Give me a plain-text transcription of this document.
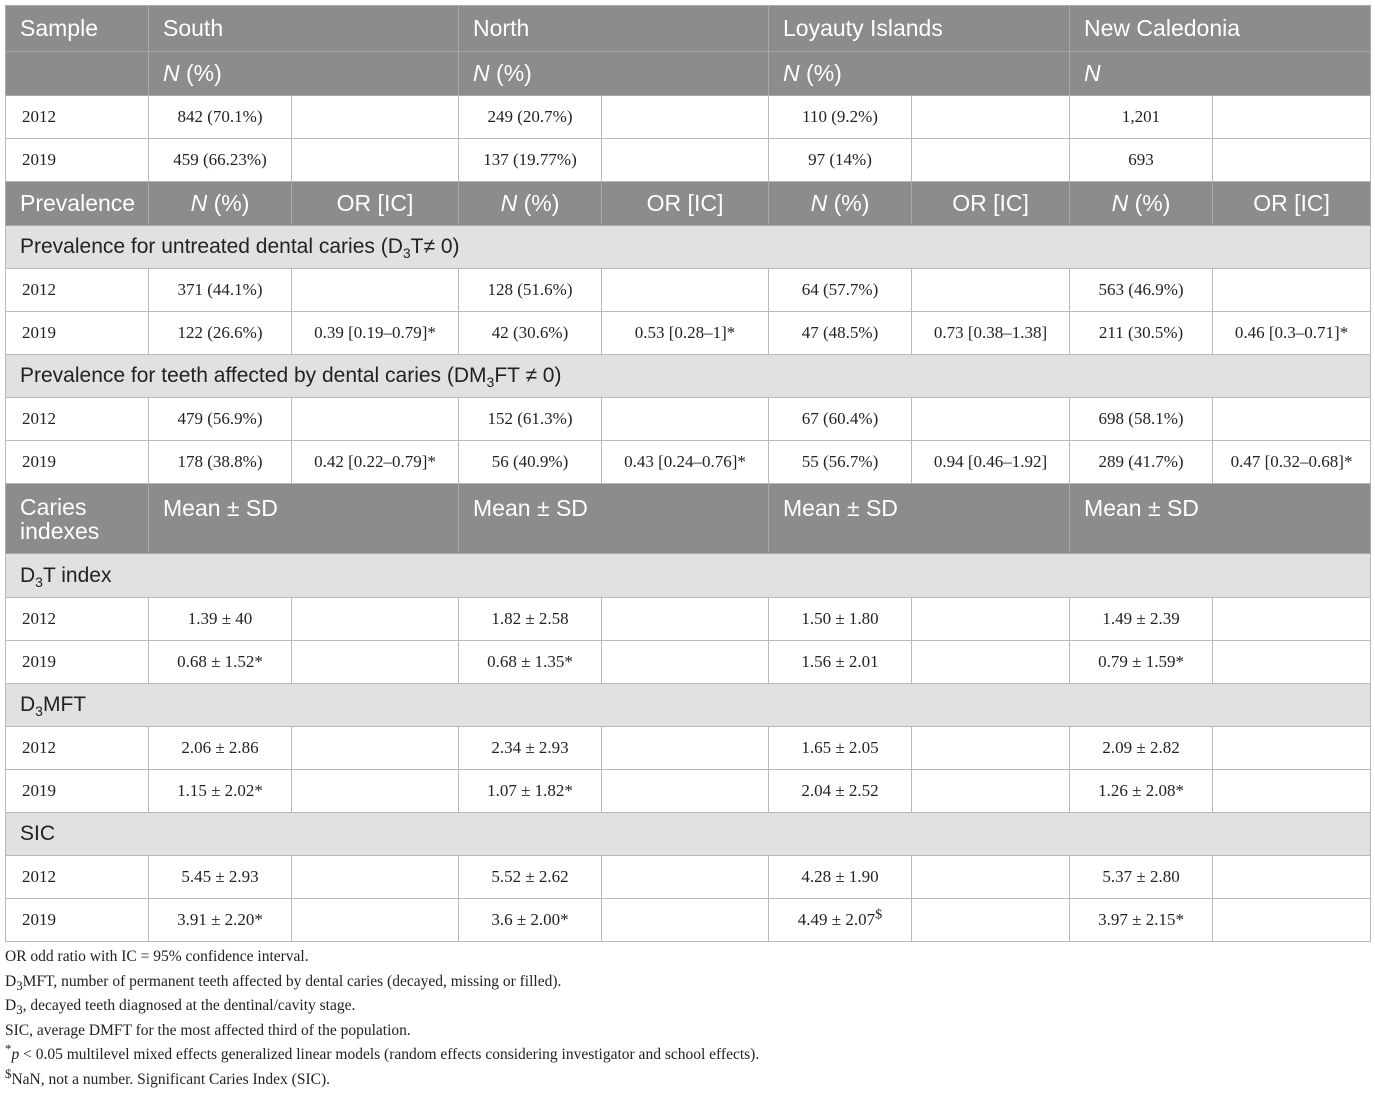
Sample	South		North		Loyauty Islands		New Caledonia	
	N (%)		N (%)		N (%)		N	
2012	842 (70.1%)		249 (20.7%)		110 (9.2%)		1,201	
2019	459 (66.23%)		137 (19.77%)		97 (14%)		693	
Prevalence	N (%)	OR [IC]	N (%)	OR [IC]	N (%)	OR [IC]	N (%)	OR [IC]
Prevalence for untreated dental caries $(D_3T\ne 0)$								
2012	371 (44.1%)		128 (51.6%)		64 (57.7%)		563 (46.9%)	
2019	122 (26.6%)	0.39 [0.19–0.79]*	42 (30.6%)	0.53 [0.28–1]*	47 (48.5%)	0.73 [0.38–1.38]	211 (30.5%)	0.46 [0.3–0.71]*
Prevalence for teeth affected by dental caries $(DM_3FT \ne 0)$								
2012	479 (56.9%)		152 (61.3%)		67 (60.4%)		698 (58.1%)	
2019	178 (38.8%)	0.42 [0.22–0.79]*	56 (40.9%)	0.43 [0.24–0.76]*	55 (56.7%)	0.94 [0.46–1.92]	289 (41.7%)	0.47 [0.32–0.68]*

Caries
indexes	Mean ± SD		Mean ± SD		Mean ± SD		Mean ± SD	
$D_3T$ index								
2012	1.39 ± 40		1.82 ± 2.58		1.50 ± 1.80		1.49 ± 2.39	
2019	0.68 ± 1.52*		0.68 ± 1.35*		1.56 ± 2.01		0.79 ± 1.59*	
$D_3MFT$								
2012	2.06 ± 2.86		2.34 ± 2.93		1.65 ± 2.05		2.09 ± 2.82	
2019	1.15 ± 2.02*		1.07 ± 1.82*		2.04 ± 2.52		1.26 ± 2.08*	
SIC								
2012	5.45 ± 2.93		5.52 ± 2.62		4.28 ± 1.90		5.37 ± 2.80	
2019	3.91 ± 2.20*		3.6 ± 2.00*		4.49 ± 2.07$		3.97 ± 2.15*	
OR odd ratio with IC = 95% confidence interval.
$D_3MFT$, number of permanent teeth affected by dental caries (decayed, missing or filled).
$D_3$, decayed teeth diagnosed at the dentinal/cavity stage.
SIC, average DMFT for the most affected third of the population.
*p < 0.05 multilevel mixed effects generalized linear models (random effects considering investigator and school effects).
$NaN, not a number. Significant Caries Index (SIC).
